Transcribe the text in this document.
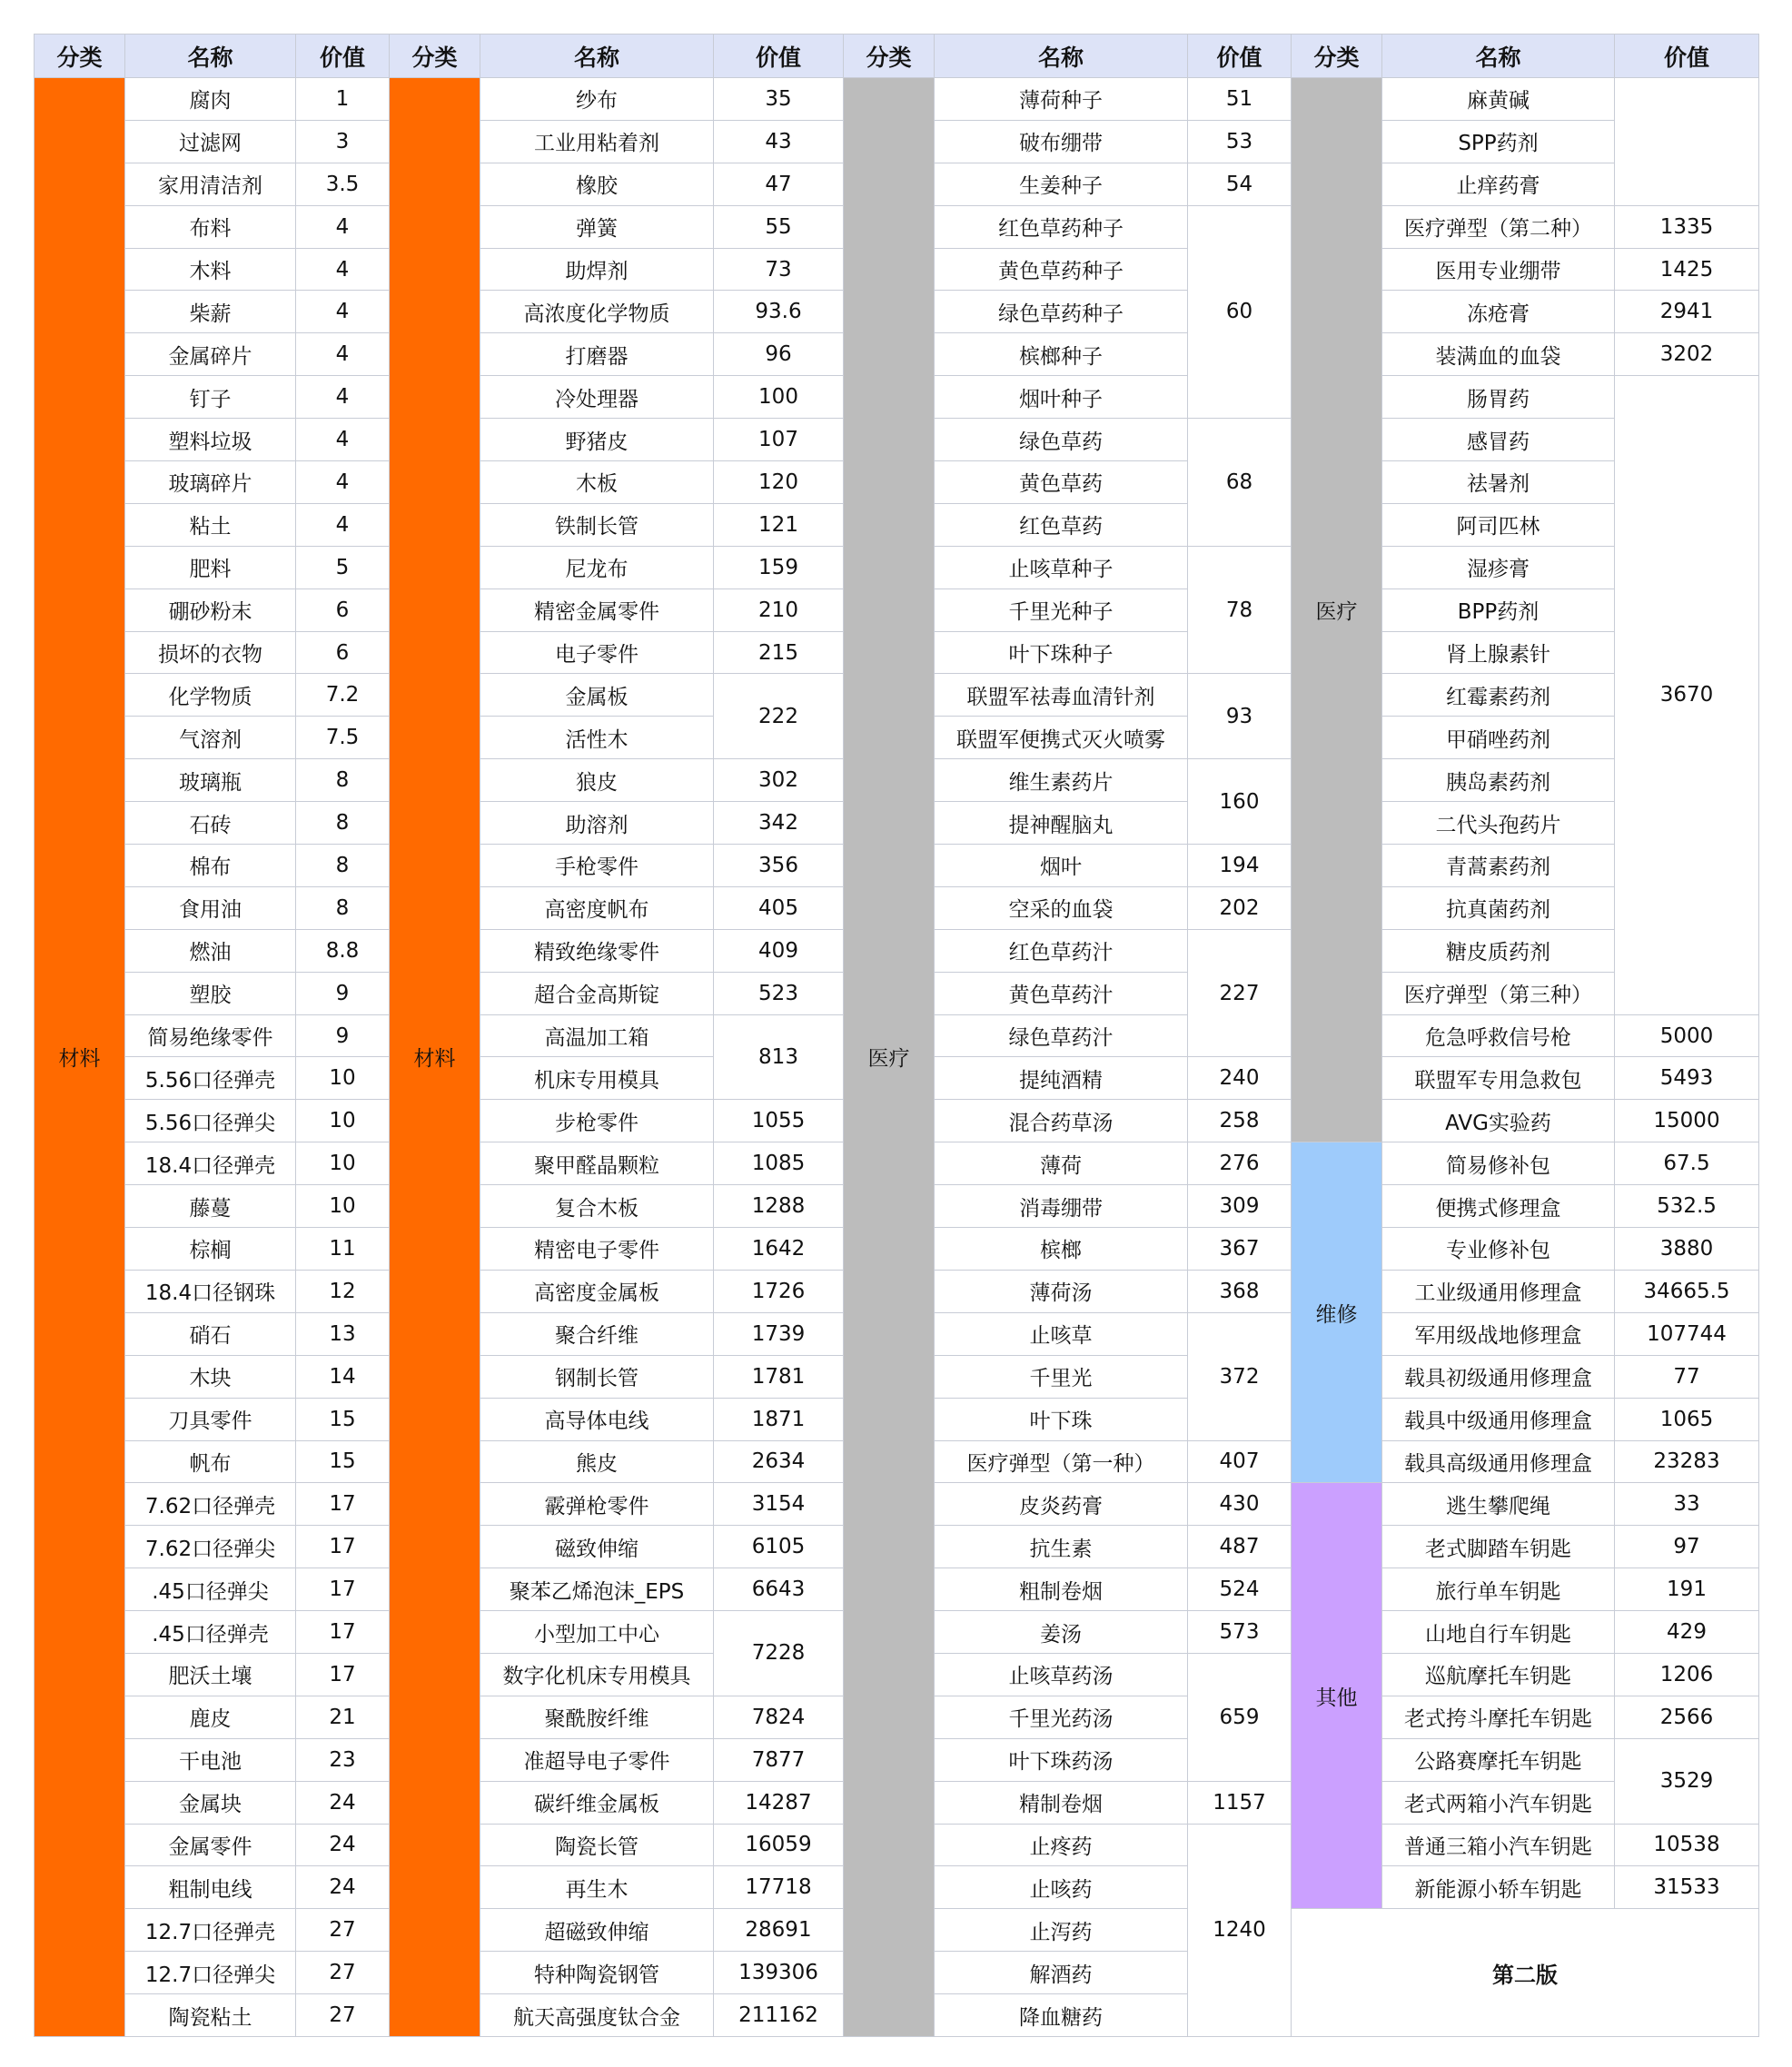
分类	名称	价值	分类	名称	价值	分类	名称	价值	分类	名称	价值
材料	腐肉	1	材料	纱布	35	医疗	薄荷种子	51	医疗	麻黄碱	
	过滤网	3		工业用粘着剂	43		破布绷带	53		SPP药剂	
	家用清洁剂	3.5		橡胶	47		生姜种子	54		止痒药膏	
	布料	4		弹簧	55		红色草药种子	60		医疗弹型（第二种）	1335
	木料	4		助焊剂	73		黄色草药种子			医用专业绷带	1425
	柴薪	4		高浓度化学物质	93.6		绿色草药种子			冻疮膏	2941
	金属碎片	4		打磨器	96		槟榔种子			装满血的血袋	3202
	钉子	4		冷处理器	100		烟叶种子			肠胃药	3670
	塑料垃圾	4		野猪皮	107		绿色草药	68		感冒药	
	玻璃碎片	4		木板	120		黄色草药			祛暑剂	
	粘土	4		铁制长管	121		红色草药			阿司匹林	
	肥料	5		尼龙布	159		止咳草种子	78		湿疹膏	
	硼砂粉末	6		精密金属零件	210		千里光种子			BPP药剂	
	损坏的衣物	6		电子零件	215		叶下珠种子			肾上腺素针	
	化学物质	7.2		金属板	222		联盟军祛毒血清针剂	93		红霉素药剂	
	气溶剂	7.5		活性木			联盟军便携式灭火喷雾			甲硝唑药剂	
	玻璃瓶	8		狼皮	302		维生素药片	160		胰岛素药剂	
	石砖	8		助溶剂	342		提神醒脑丸			二代头孢药片	
	棉布	8		手枪零件	356		烟叶	194		青蒿素药剂	
	食用油	8		高密度帆布	405		空采的血袋	202		抗真菌药剂	
	燃油	8.8		精致绝缘零件	409		红色草药汁	227		糖皮质药剂	
	塑胶	9		超合金高斯锭	523		黄色草药汁			医疗弹型（第三种）	
	简易绝缘零件	9		高温加工箱	813		绿色草药汁			危急呼救信号枪	5000
	5.56口径弹壳	10		机床专用模具			提纯酒精	240		联盟军专用急救包	5493
	5.56口径弹尖	10		步枪零件	1055		混合药草汤	258		AVG实验药	15000
	18.4口径弹壳	10		聚甲醛晶颗粒	1085		薄荷	276	维修	简易修补包	67.5
	藤蔓	10		复合木板	1288		消毒绷带	309		便携式修理盒	532.5
	棕榈	11		精密电子零件	1642		槟榔	367		专业修补包	3880
	18.4口径钢珠	12		高密度金属板	1726		薄荷汤	368		工业级通用修理盒	34665.5
	硝石	13		聚合纤维	1739		止咳草	372		军用级战地修理盒	107744
	木块	14		钢制长管	1781		千里光			载具初级通用修理盒	77
	刀具零件	15		高导体电线	1871		叶下珠			载具中级通用修理盒	1065
	帆布	15		熊皮	2634		医疗弹型（第一种）	407		载具高级通用修理盒	23283
	7.62口径弹壳	17		霰弹枪零件	3154		皮炎药膏	430	其他	逃生攀爬绳	33
	7.62口径弹尖	17		磁致伸缩	6105		抗生素	487		老式脚踏车钥匙	97
	.45口径弹尖	17		聚苯乙烯泡沫_EPS	6643		粗制卷烟	524		旅行单车钥匙	191
	.45口径弹壳	17		小型加工中心	7228		姜汤	573		山地自行车钥匙	429
	肥沃土壤	17		数字化机床专用模具			止咳草药汤	659		巡航摩托车钥匙	1206
	鹿皮	21		聚酰胺纤维	7824		千里光药汤			老式挎斗摩托车钥匙	2566
	干电池	23		准超导电子零件	7877		叶下珠药汤			公路赛摩托车钥匙	3529
	金属块	24		碳纤维金属板	14287		精制卷烟	1157		老式两箱小汽车钥匙	
	金属零件	24		陶瓷长管	16059		止疼药	1240		普通三箱小汽车钥匙	10538
	粗制电线	24		再生木	17718		止咳药			新能源小轿车钥匙	31533
	12.7口径弹壳	27		超磁致伸缩	28691		止泻药		第二版		
	12.7口径弹尖	27		特种陶瓷钢管	139306		解酒药				
	陶瓷粘土	27		航天高强度钛合金	211162		降血糖药				
